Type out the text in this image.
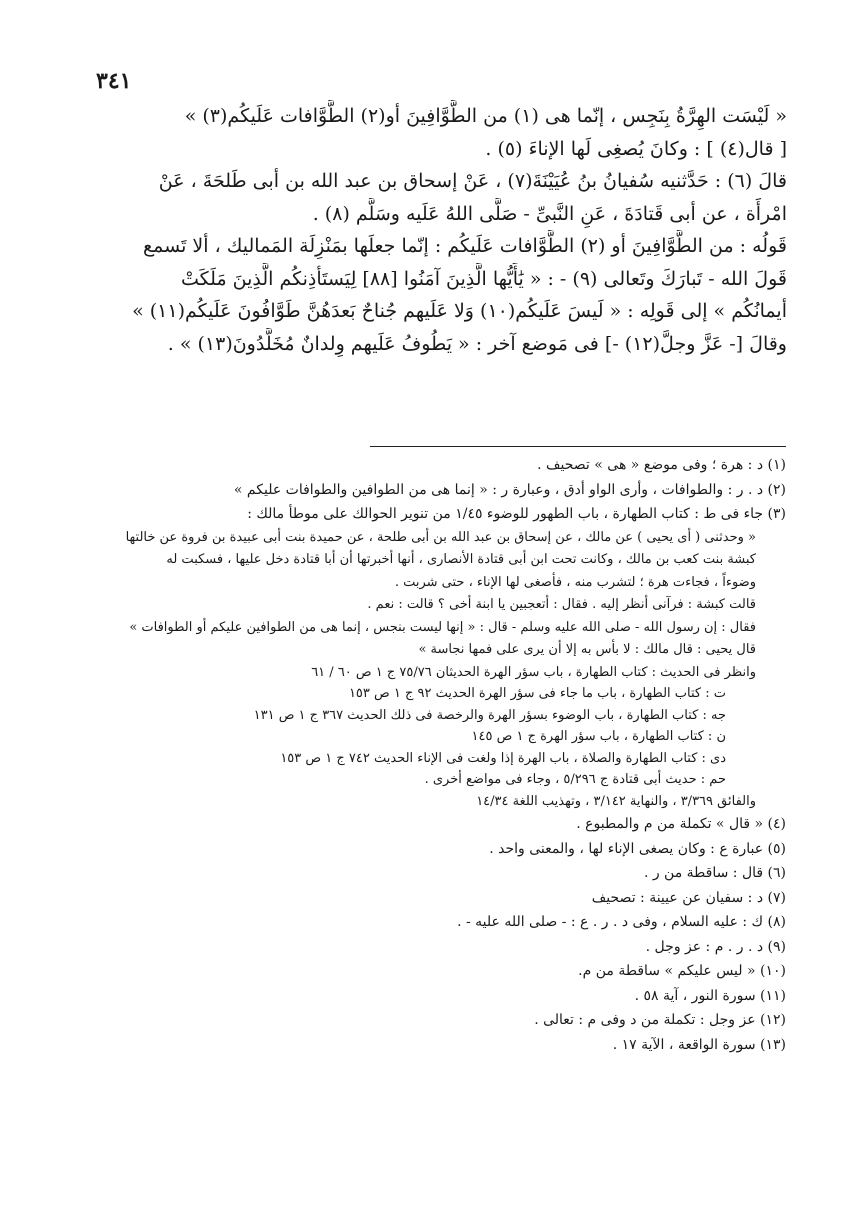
٣٤١
« لَيْسَت الهِرَّةُ بِنَجِس ، إنّما هى (١) من الطَّوَّافِينَ أو(٢) الطَّوَّافات عَلَيكُم(٣) »
[ قال(٤) ] : وكانَ يُصغِى لَها الإناءَ (٥) .
قالَ (٦) : حَدَّثنيه سُفيانُ بنُ عُيَيْنَةَ(٧) ، عَنْ إسحاق بن عبد الله بن أبى طَلحَةَ ، عَنْ
امْرأَة ، عن أبى قَتادَةَ ، عَنِ النَّبىِّ - صَلَّى اللهُ عَلَيه وسَلَّم (٨) .
قَولُه : من الطَّوَّافِينَ أو (٢) الطَّوَّافات عَلَيكُم : إنّما جعلَها بمَنْزِلَة المَماليك ، ألا تَسمع
قَولَ الله - تَبارَكَ وتَعالى (٩) - : « يَٰأَيُّها الَّذِينَ آمَنُوا [٨٨] لِيَستَأذِنكُم الَّذِينَ مَلَكَتْ
أيمانُكُم » إلى قَولِه : « لَيسَ عَلَيكُم(١٠) وَلا عَلَيهم جُناحٌ بَعدَهُنَّ طَوَّافُونَ عَلَيكُم(١١) »
وقالَ [- عَزَّ وجلَّ(١٢) -] فى مَوضع آخر : « يَطُوفُ عَلَيهم وِلدانٌ مُخَلَّدُونَ(١٣) » .
(١) د : هرة ؛ وفى موضع « هى » تصحيف .
(٢) د . ر : والطوافات ، وأرى الواو أدق ، وعبارة ر : « إنما هى من الطوافين والطوافات عليكم »
(٣) جاء فى ط : كتاب الطهارة ، باب الطهور للوضوء ١/٤٥ من تنوير الحوالك على موطأ مالك :
« وحدثنى ( أى يحيى ) عن مالك ، عن إسحاق بن عبد الله بن أبى طلحة ، عن حميدة بنت أبى عبيدة بن فروة عن خالتها
كبشة بنت كعب بن مالك ، وكانت تحت ابن أبى قتادة الأنصارى ، أنها أخبرتها أن أبا قتادة دخل عليها ، فسكبت له
وضوءاً ، فجاءت هرة ؛ لتشرب منه ، فأصغى لها الإناء ، حتى شربت .
قالت كبشة : فرآنى أنظر إليه . فقال : أتعجبين يا ابنة أخى ؟ قالت : نعم .
فقال : إن رسول الله - صلى الله عليه وسلم - قال : « إنها ليست بنجس ، إنما هى من الطوافين عليكم أو الطوافات »
قال يحيى : قال مالك : لا بأس به إلا أن يرى على فمها نجاسة »
وانظر فى الحديث : كتاب الطهارة ، باب سؤر الهرة الحديثان ٧٥/٧٦ ج ١ ص ٦٠ / ٦١
ت : كتاب الطهارة ، باب ما جاء فى سؤر الهرة الحديث ٩٢ ج ١ ص ١٥٣
جه : كتاب الطهارة ، باب الوضوء بسؤر الهرة والرخصة فى ذلك الحديث ٣٦٧ ج ١ ص ١٣١
ن : كتاب الطهارة ، باب سؤر الهرة ج ١ ص ١٤٥
دى : كتاب الطهارة والصلاة ، باب الهرة إذا ولغت فى الإناء الحديث ٧٤٢ ج ١ ص ١٥٣
حم : حديث أبى قتادة ج ٥/٢٩٦ ، وجاء فى مواضع أخرى .
والفائق ٣/٣٦٩ ، والنهاية ٣/١٤٢ ، وتهذيب اللغة ١٤/٣٤
(٤) « قال » تكملة من م والمطبوع .
(٥) عبارة ع : وكان يصغى الإناء لها ، والمعنى واحد .
(٦) قال : ساقطة من ر .
(٧) د : سفيان عن عيينة : تصحيف
(٨) ك : عليه السلام ، وفى د . ر . ع : - صلى الله عليه - .
(٩) د . ر . م : عز وجل .
(١٠) « ليس عليكم » ساقطة من م.
(١١) سورة النور ، آية ٥٨ .
(١٢) عز وجل : تكملة من د وفى م : تعالى .
(١٣) سورة الواقعة ، الآية ١٧ .
